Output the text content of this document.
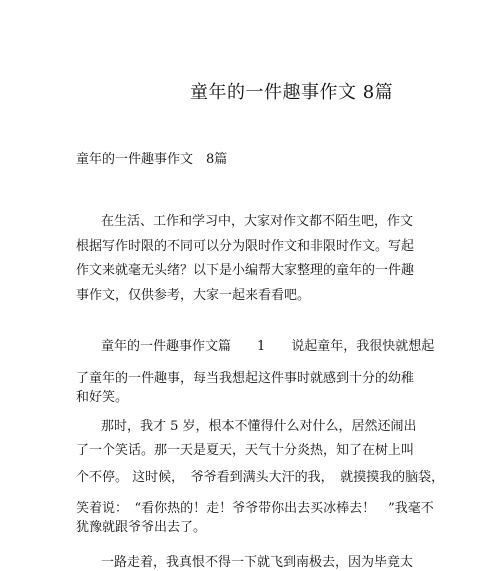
童年的一件趣事作文 8篇
童年的一件趣事作文　8篇
在生活、工作和学习中，大家对作文都不陌生吧，作文
根据写作时限的不同可以分为限时作文和非限时作文。写起
作文来就毫无头绪？以下是小编帮大家整理的童年的一件趣
事作文，仅供参考，大家一起来看看吧。
童年的一件趣事作文篇　　1　　说起童年，我很快就想起
了童年的一件趣事，每当我想起这件事时就感到十分的幼稚
和好笑。
那时，我才 5 岁，根本不懂得什么对什么，居然还闹出
了一个笑话。那一天是夏天，天气十分炎热，知了在树上叫
个不停。 这时候，　爷爷看到满头大汗的我，　就摸摸我的脑袋，
笑着说：　“看你热的！走！爷爷带你出去买冰棒去！　”我毫不
犹豫就跟爷爷出去了。
一路走着，我真恨不得一下就飞到南极去，因为毕竟太
